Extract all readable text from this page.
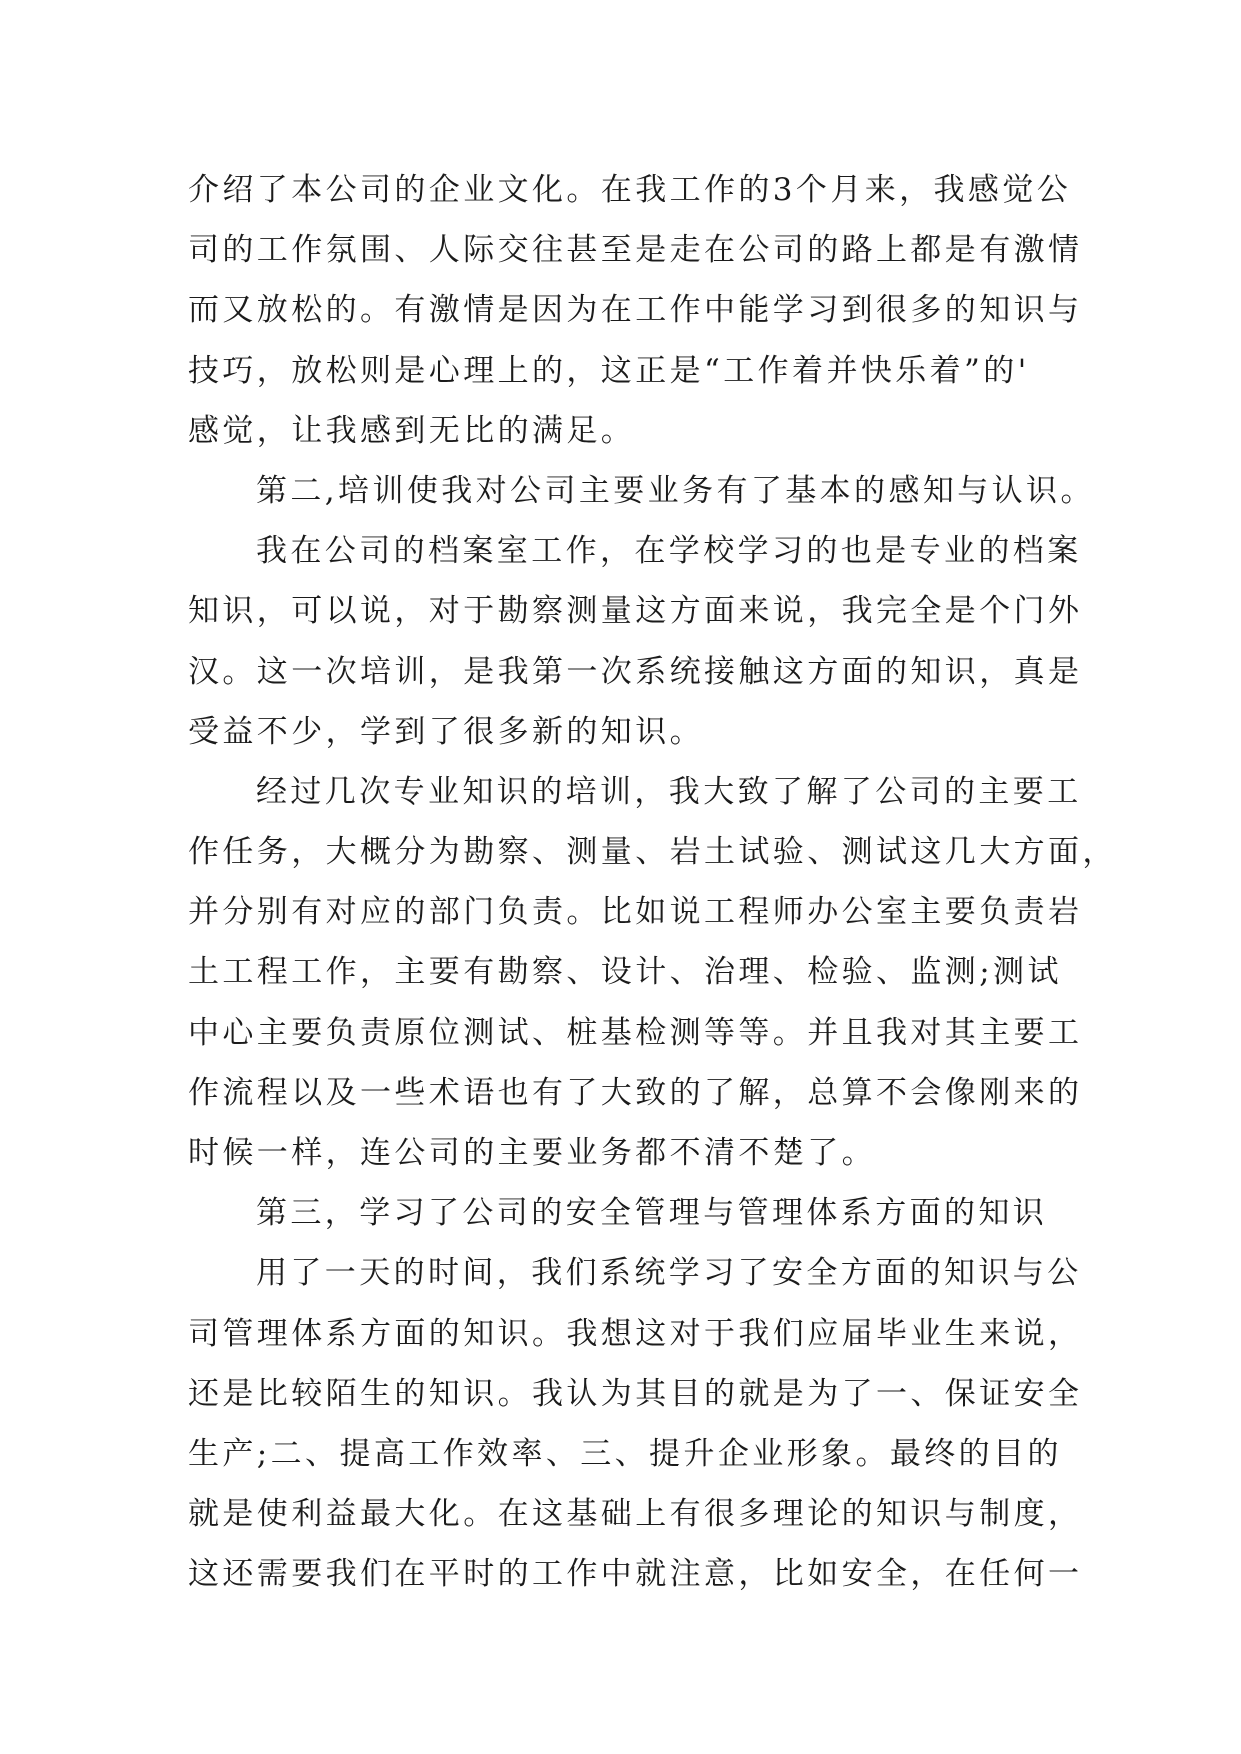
介绍了本公司的企业文化。在我工作的3个月来，我感觉公
司的工作氛围、人际交往甚至是走在公司的路上都是有激情
而又放松的。有激情是因为在工作中能学习到很多的知识与
技巧，放松则是心理上的，这正是“工作着并快乐着”的'
感觉，让我感到无比的满足。
第二,培训使我对公司主要业务有了基本的感知与认识。
我在公司的档案室工作，在学校学习的也是专业的档案
知识，可以说，对于勘察测量这方面来说，我完全是个门外
汉。这一次培训，是我第一次系统接触这方面的知识，真是
受益不少，学到了很多新的知识。
经过几次专业知识的培训，我大致了解了公司的主要工
作任务，大概分为勘察、测量、岩土试验、测试这几大方面，
并分别有对应的部门负责。比如说工程师办公室主要负责岩
土工程工作，主要有勘察、设计、治理、检验、监测;测试
中心主要负责原位测试、桩基检测等等。并且我对其主要工
作流程以及一些术语也有了大致的了解，总算不会像刚来的
时候一样，连公司的主要业务都不清不楚了。
第三，学习了公司的安全管理与管理体系方面的知识
用了一天的时间，我们系统学习了安全方面的知识与公
司管理体系方面的知识。我想这对于我们应届毕业生来说，
还是比较陌生的知识。我认为其目的就是为了一、保证安全
生产;二、提高工作效率、三、提升企业形象。最终的目的
就是使利益最大化。在这基础上有很多理论的知识与制度，
这还需要我们在平时的工作中就注意，比如安全，在任何一
